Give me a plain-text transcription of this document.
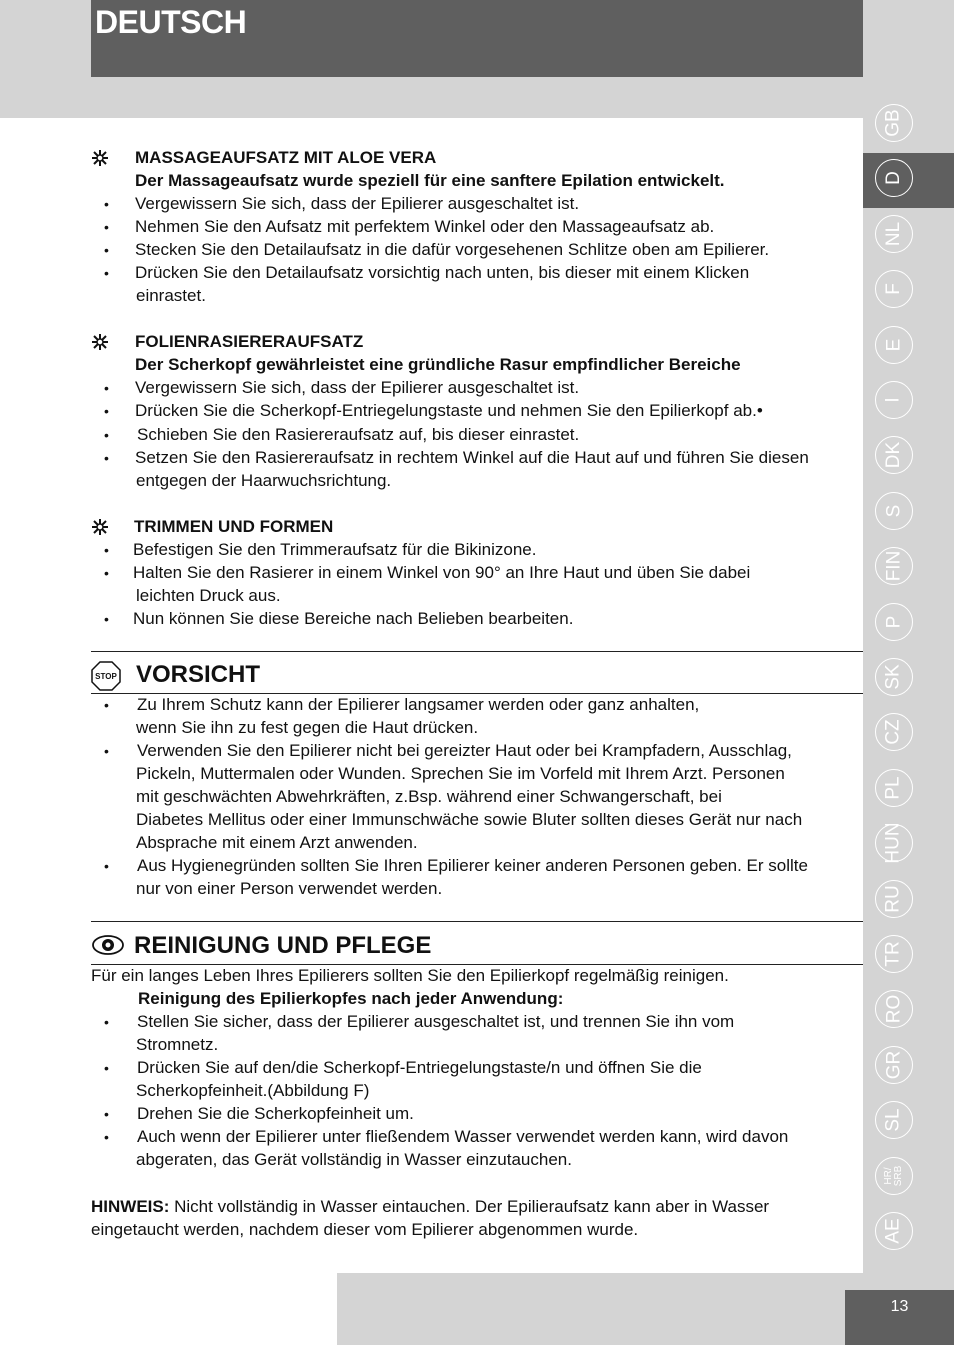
DEUTSCH
GB
D
NL
F
E
I
DK
S
FIN
P
SK
CZ
PL
HUN
RU
TR
RO
GR
SL
HR/ SRB
AE
13
MASSAGEAUFSATZ MIT ALOE VERA
Der Massageaufsatz wurde speziell für eine sanftere Epilation entwickelt.
• Vergewissern Sie sich, dass der Epilierer ausgeschaltet ist.
• Nehmen Sie den Aufsatz mit perfektem Winkel oder den Massageaufsatz ab.
• Stecken Sie den Detailaufsatz in die dafür vorgesehenen Schlitze oben am Epilierer.
• Drücken Sie den Detailaufsatz vorsichtig nach unten, bis dieser mit einem Klicken
einrastet.
FOLIENRASIERERAUFSATZ
Der Scherkopf gewährleistet eine gründliche Rasur empfindlicher Bereiche
• Vergewissern Sie sich, dass der Epilierer ausgeschaltet ist.
• Drücken Sie die Scherkopf-Entriegelungstaste und nehmen Sie den Epilierkopf ab.•
• Schieben Sie den Rasiereraufsatz auf, bis dieser einrastet.
• Setzen Sie den Rasiereraufsatz in rechtem Winkel auf die Haut auf und führen Sie diesen
entgegen der Haarwuchsrichtung.
TRIMMEN UND FORMEN
• Befestigen Sie den Trimmeraufsatz für die Bikinizone.
• Halten Sie den Rasierer in einem Winkel von 90° an Ihre Haut und üben Sie dabei
leichten Druck aus.
• Nun können Sie diese Bereiche nach Belieben bearbeiten.
STOP VORSICHT
• Zu Ihrem Schutz kann der Epilierer langsamer werden oder ganz anhalten,
wenn Sie ihn zu fest gegen die Haut drücken.
• Verwenden Sie den Epilierer nicht bei gereizter Haut oder bei Krampfadern, Ausschlag,
Pickeln, Muttermalen oder Wunden. Sprechen Sie im Vorfeld mit Ihrem Arzt. Personen
mit geschwächten Abwehrkräften, z.Bsp. während einer Schwangerschaft, bei
Diabetes Mellitus oder einer Immunschwäche sowie Bluter sollten dieses Gerät nur nach
Absprache mit einem Arzt anwenden.
• Aus Hygienegründen sollten Sie Ihren Epilierer keiner anderen Personen geben. Er sollte
nur von einer Person verwendet werden.
REINIGUNG UND PFLEGE
Für ein langes Leben Ihres Epilierers sollten Sie den Epilierkopf regelmäßig reinigen.
Reinigung des Epilierkopfes nach jeder Anwendung:
• Stellen Sie sicher, dass der Epilierer ausgeschaltet ist, und trennen Sie ihn vom
Stromnetz.
• Drücken Sie auf den/die Scherkopf-Entriegelungstaste/n und öffnen Sie die
Scherkopfeinheit.(Abbildung F)
• Drehen Sie die Scherkopfeinheit um.
• Auch wenn der Epilierer unter fließendem Wasser verwendet werden kann, wird davon
abgeraten, das Gerät vollständig in Wasser einzutauchen.
HINWEIS: Nicht vollständig in Wasser eintauchen. Der Epilieraufsatz kann aber in Wasser
eingetaucht werden, nachdem dieser vom Epilierer abgenommen wurde.
